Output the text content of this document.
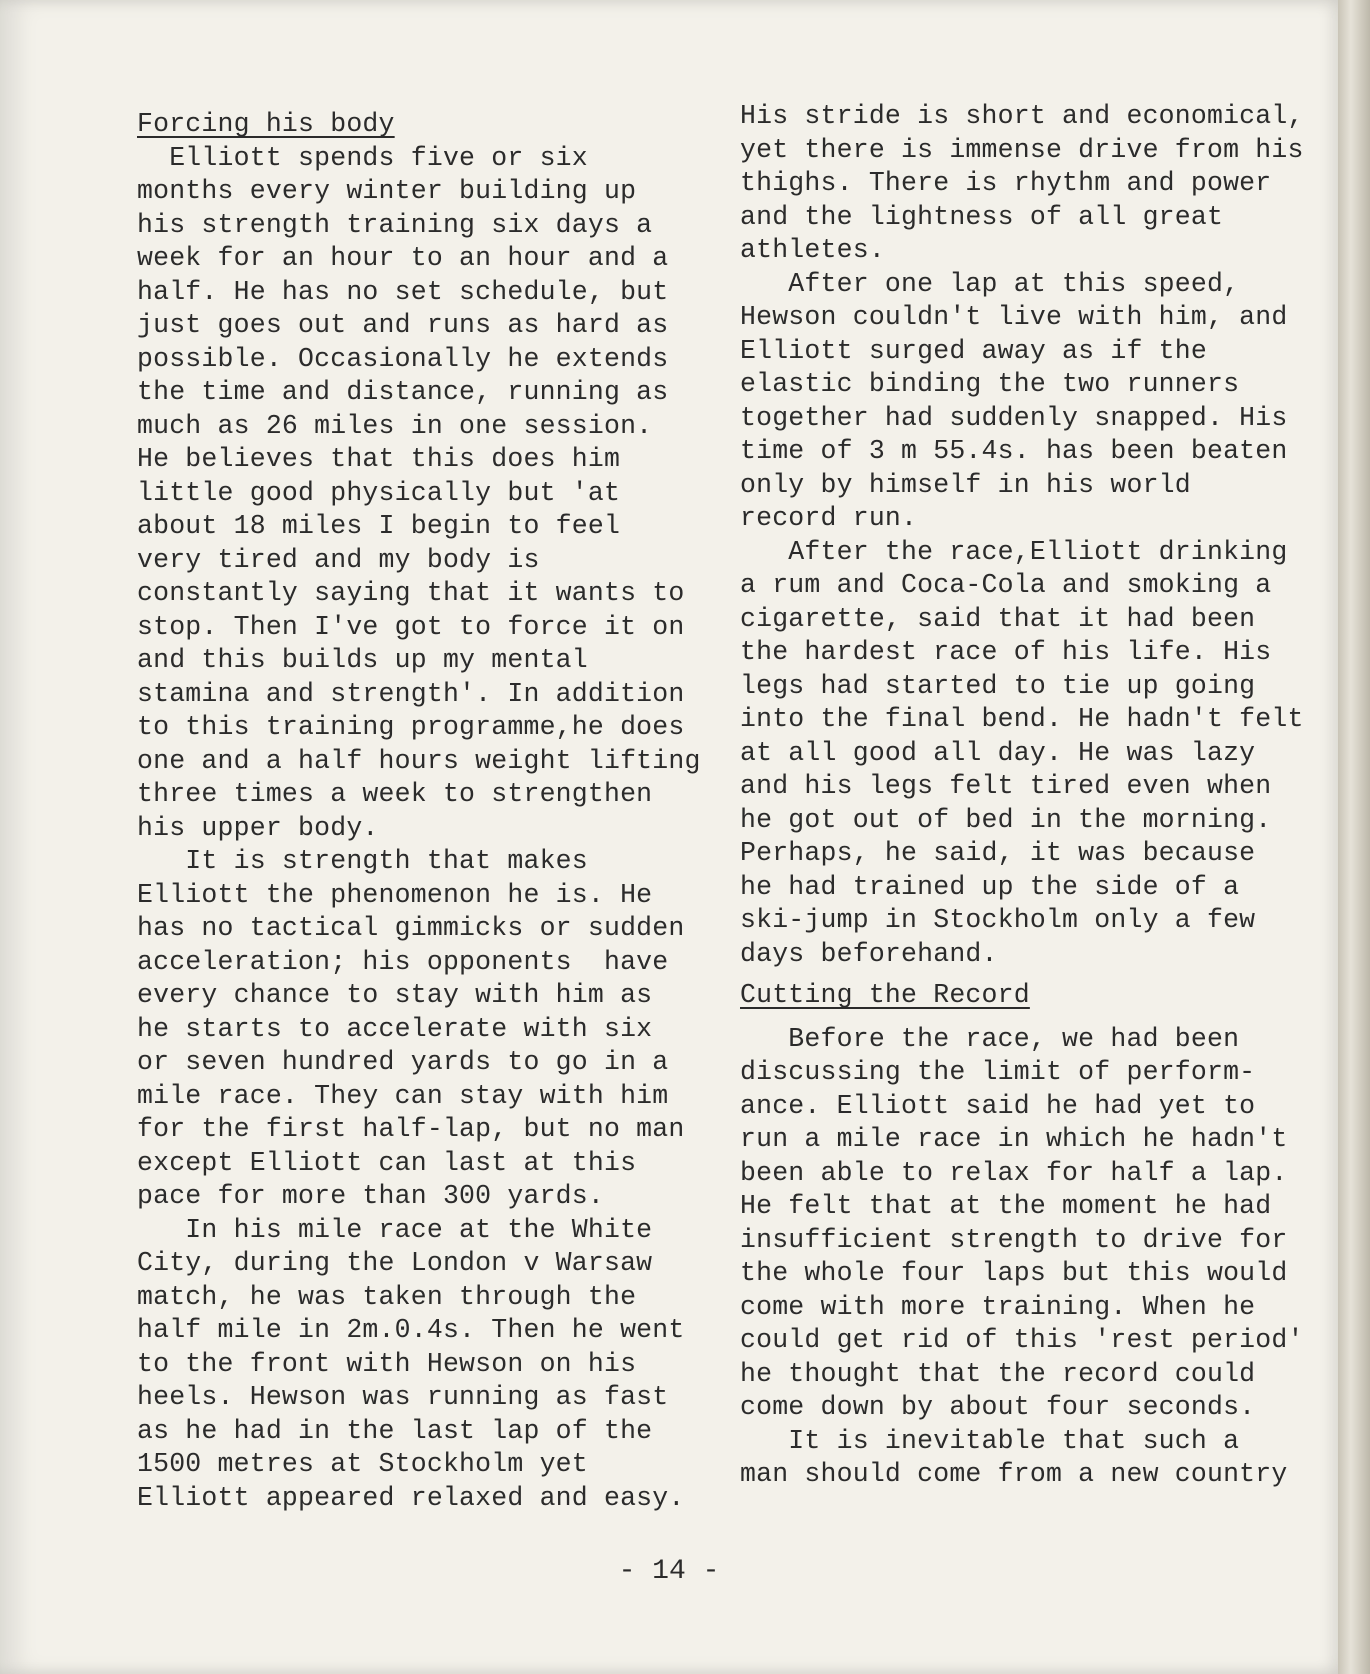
Forcing his body
Elliott spends five or six
months every winter building up
his strength training six days a
week for an hour to an hour and a
half. He has no set schedule, but
just goes out and runs as hard as
possible. Occasionally he extends
the time and distance, running as
much as 26 miles in one session.
He believes that this does him
little good physically but 'at
about 18 miles I begin to feel
very tired and my body is
constantly saying that it wants to
stop. Then I've got to force it on
and this builds up my mental
stamina and strength'. In addition
to this training programme,he does
one and a half hours weight lifting
three times a week to strengthen
his upper body.
It is strength that makes
Elliott the phenomenon he is. He
has no tactical gimmicks or sudden
acceleration; his opponents  have
every chance to stay with him as
he starts to accelerate with six
or seven hundred yards to go in a
mile race. They can stay with him
for the first half-lap, but no man
except Elliott can last at this
pace for more than 300 yards.
In his mile race at the White
City, during the London v Warsaw
match, he was taken through the
half mile in 2m.0.4s. Then he went
to the front with Hewson on his
heels. Hewson was running as fast
as he had in the last lap of the
1500 metres at Stockholm yet
Elliott appeared relaxed and easy.
His stride is short and economical,
yet there is immense drive from his
thighs. There is rhythm and power
and the lightness of all great
athletes.
After one lap at this speed,
Hewson couldn't live with him, and
Elliott surged away as if the
elastic binding the two runners
together had suddenly snapped. His
time of 3 m 55.4s. has been beaten
only by himself in his world
record run.
After the race,Elliott drinking
a rum and Coca-Cola and smoking a
cigarette, said that it had been
the hardest race of his life. His
legs had started to tie up going
into the final bend. He hadn't felt
at all good all day. He was lazy
and his legs felt tired even when
he got out of bed in the morning.
Perhaps, he said, it was because
he had trained up the side of a
ski-jump in Stockholm only a few
days beforehand.
Cutting the Record
Before the race, we had been
discussing the limit of perform-
ance. Elliott said he had yet to
run a mile race in which he hadn't
been able to relax for half a lap.
He felt that at the moment he had
insufficient strength to drive for
the whole four laps but this would
come with more training. When he
could get rid of this 'rest period'
he thought that the record could
come down by about four seconds.
It is inevitable that such a
man should come from a new country
- 14 -
